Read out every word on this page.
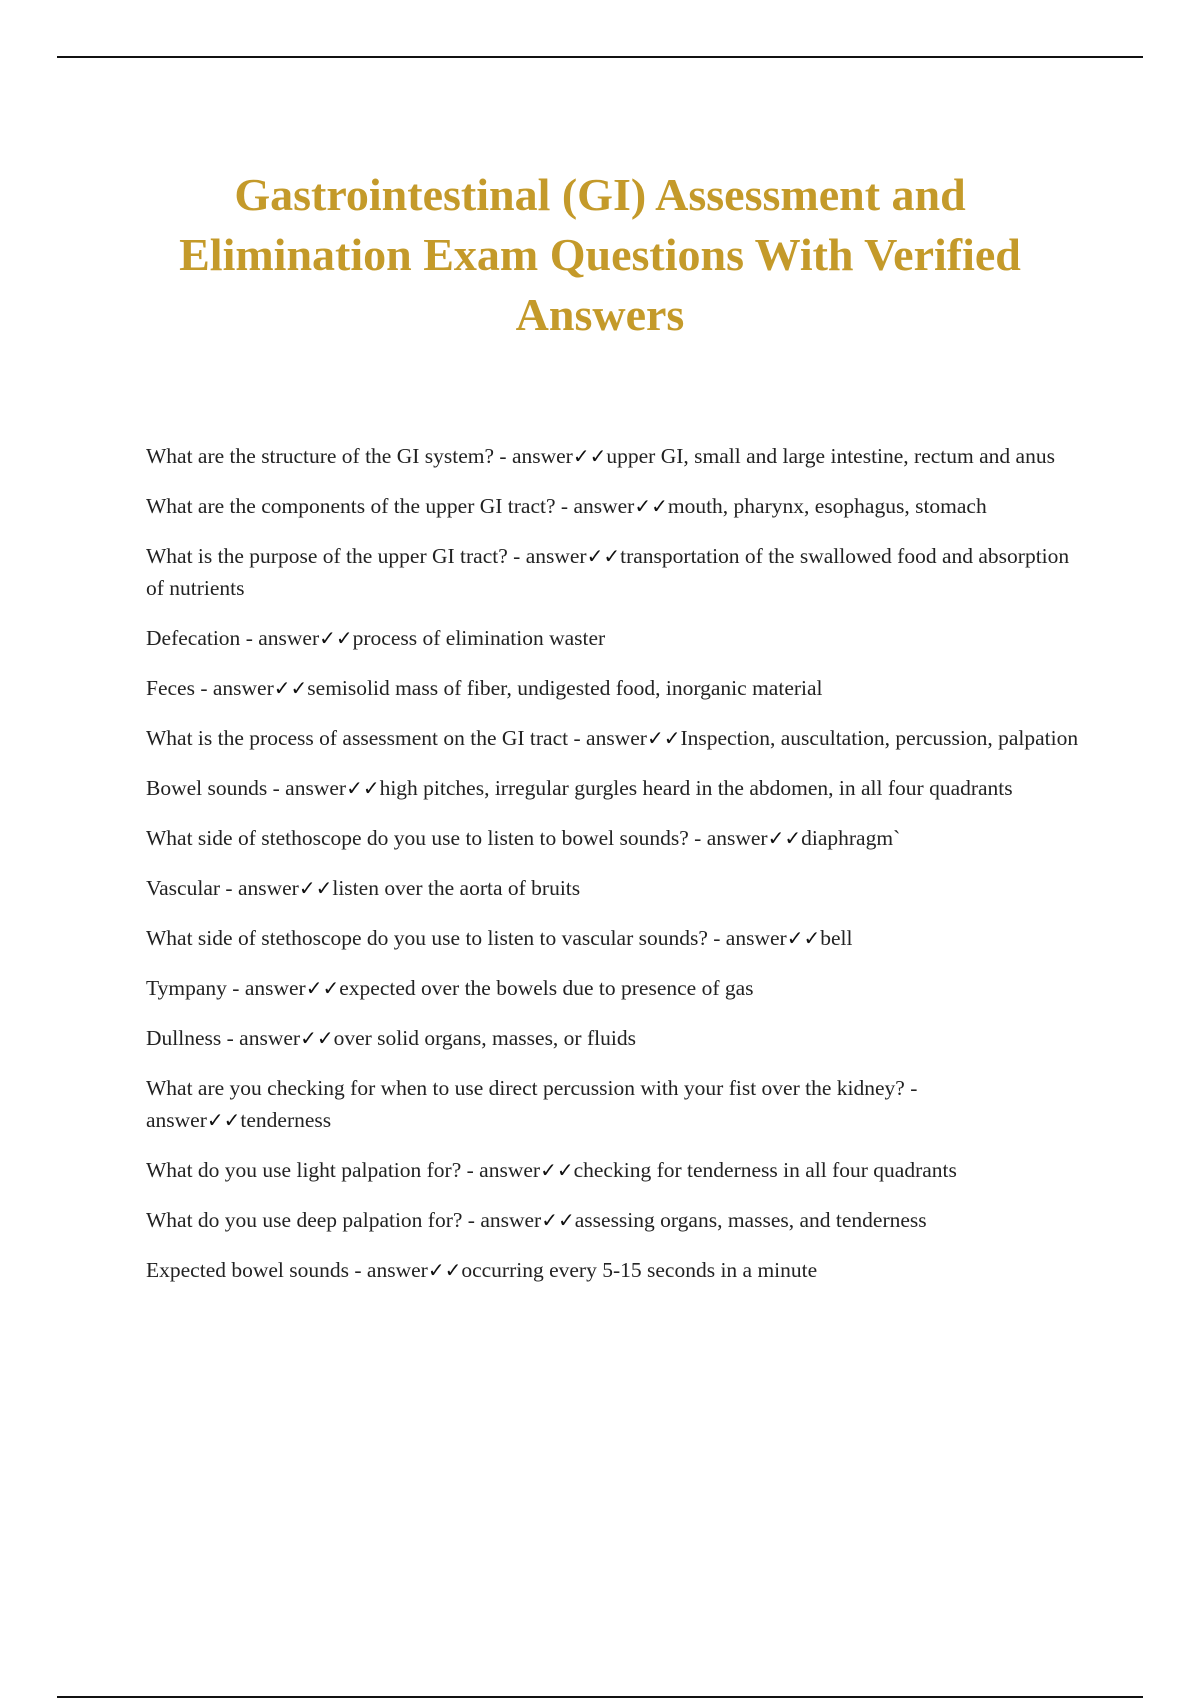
Gastrointestinal (GI) Assessment and Elimination Exam Questions With Verified Answers
What are the structure of the GI system? - answer✓✓upper GI, small and large intestine, rectum and anus
What are the components of the upper GI tract? - answer✓✓mouth, pharynx, esophagus, stomach
What is the purpose of the upper GI tract? - answer✓✓transportation of the swallowed food and absorption of nutrients
Defecation - answer✓✓process of elimination waster
Feces - answer✓✓semisolid mass of fiber, undigested food, inorganic material
What is the process of assessment on the GI tract - answer✓✓Inspection, auscultation, percussion, palpation
Bowel sounds - answer✓✓high pitches, irregular gurgles heard in the abdomen, in all four quadrants
What side of stethoscope do you use to listen to bowel sounds? - answer✓✓diaphragm`
Vascular - answer✓✓listen over the aorta of bruits
What side of stethoscope do you use to listen to vascular sounds? - answer✓✓bell
Tympany - answer✓✓expected over the bowels due to presence of gas
Dullness - answer✓✓over solid organs, masses, or fluids
What are you checking for when to use direct percussion with your fist over the kidney? - answer✓✓tenderness
What do you use light palpation for? - answer✓✓checking for tenderness in all four quadrants
What do you use deep palpation for? - answer✓✓assessing organs, masses, and tenderness
Expected bowel sounds - answer✓✓occurring every 5-15 seconds in a minute
